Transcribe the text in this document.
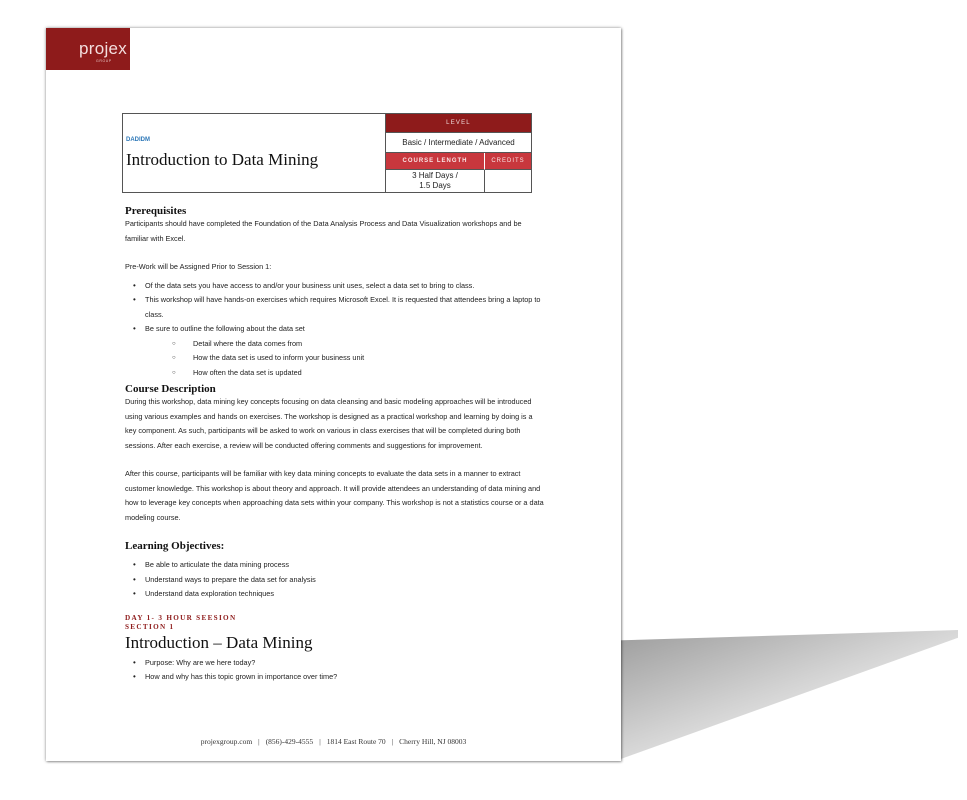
projex
GROUP
DADIDM
Introduction to Data Mining
LEVEL
Basic / Intermediate / Advanced
COURSE LENGTH	CREDITS
3 Half Days /
1.5 Days
Prerequisites

Participants should have completed the Foundation of the Data Analysis Process and Data Visualization workshops and be familiar with Excel.

Pre-Work will be Assigned Prior to Session 1:

• Of the data sets you have access to and/or your business unit uses, select a data set to bring to class.
• This workshop will have hands-on exercises which requires Microsoft Excel. It is requested that attendees bring a laptop to class.
• Be sure to outline the following about the data set
○ Detail where the data comes from
○ How the data set is used to inform your business unit
○ How often the data set is updated
Course Description

During this workshop, data mining key concepts focusing on data cleansing and basic modeling approaches will be introduced using various examples and hands on exercises. The workshop is designed as a practical workshop and learning by doing is a key component. As such, participants will be asked to work on various in class exercises that will be completed during both sessions. After each exercise, a review will be conducted offering comments and suggestions for improvement.

After this course, participants will be familiar with key data mining concepts to evaluate the data sets in a manner to extract customer knowledge. This workshop is about theory and approach. It will provide attendees an understanding of data mining and how to leverage key concepts when approaching data sets within your company. This workshop is not a statistics course or a data modeling course.

Learning Objectives:
• Be able to articulate the data mining process
• Understand ways to prepare the data set for analysis
• Understand data exploration techniques
DAY 1- 3 HOUR SEESION
SECTION 1
Introduction – Data Mining
• Purpose: Why are we here today?
• How and why has this topic grown in importance over time?
projexgroup.com | (856)-429-4555 | 1814 East Route 70 | Cherry Hill, NJ 08003
